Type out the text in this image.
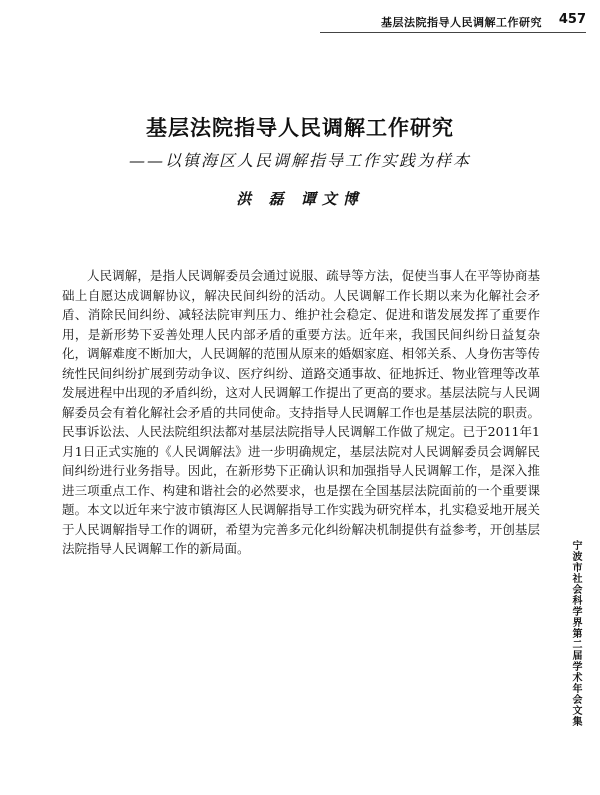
基层法院指导人民调解工作研究 457
基层法院指导人民调解工作研究
——以镇海区人民调解指导工作实践为样本
洪 磊 谭文博

人民调解，是指人民调解委员会通过说服、疏导等方法，促使当事人在平等协商基础上自愿达成调解协议，解决民间纠纷的活动。人民调解工作长期以来为化解社会矛盾、消除民间纠纷、减轻法院审判压力、维护社会稳定、促进和谐发展发挥了重要作用，是新形势下妥善处理人民内部矛盾的重要方法。近年来，我国民间纠纷日益复杂化，调解难度不断加大，人民调解的范围从原来的婚姻家庭、相邻关系、人身伤害等传统性民间纠纷扩展到劳动争议、医疗纠纷、道路交通事故、征地拆迁、物业管理等改革发展进程中出现的矛盾纠纷，这对人民调解工作提出了更高的要求。基层法院与人民调解委员会有着化解社会矛盾的共同使命。支持指导人民调解工作也是基层法院的职责。民事诉讼法、人民法院组织法都对基层法院指导人民调解工作做了规定。已于2011年1月1日正式实施的《人民调解法》进一步明确规定，基层法院对人民调解委员会调解民间纠纷进行业务指导。因此，在新形势下正确认识和加强指导人民调解工作，是深入推进三项重点工作、构建和谐社会的必然要求，也是摆在全国基层法院面前的一个重要课题。本文以近年来宁波市镇海区人民调解指导工作实践为研究样本，扎实稳妥地开展关于人民调解指导工作的调研，希望为完善多元化纠纷解决机制提供有益参考，开创基层法院指导人民调解工作的新局面。	宁波市社会科学界第二届学术年会文集
